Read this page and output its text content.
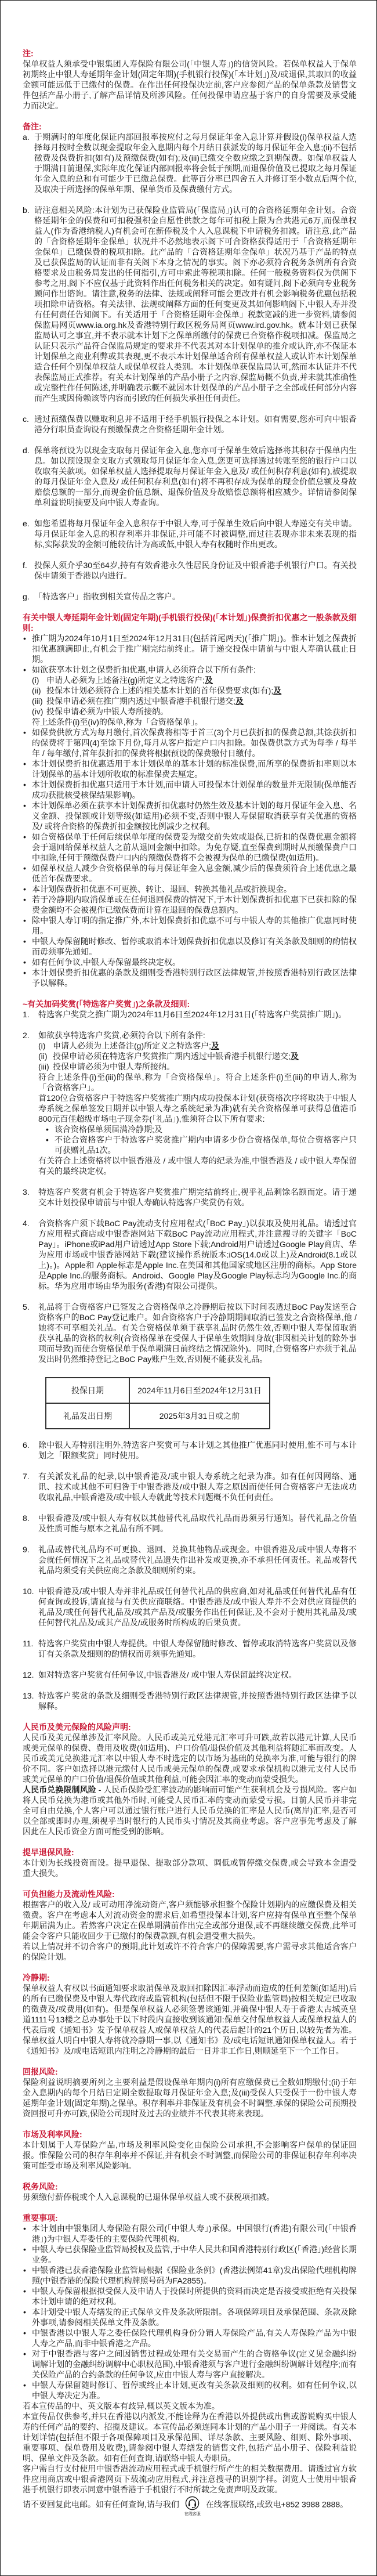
注:

保单权益人须承受中银集团人寿保险有限公司(「中银人寿」)的信贷风险。若保单权益人于保单初期终止中银人寿延期年金计划(固定年期)(手机银行投保)(「本计划」)及/或退保,其取回的收益金额可能远低于已缴付的保费。在作出任何投保决定前,客户应参阅产品的保单条款及销售文件包括产品小册子,了解产品详情及所涉风险。任何投保申请应基于客户的自身需要及承受能力而决定。

备注:
a. 于期满时的年度化保证内部回报率按应付之每月保证年金入息计算并假设(i)保单权益人选择每月按时全数以现金提取年金入息期内每个月结日获派发的每月保证年金入息;(ii)不包括徵费及保费折扣(如有)及预缴保费(如有);及(iii)已缴交全数应缴之到期保费。如保单权益人于期满日前退保,实际年度化保证内部回报率将会低于预期,而退保价值及已提取之每月保证年金入息的总和有可能少于已缴总保费。此等百分率已四舍五入并修订至小数点后两个位,及取决于所选择的保单年期、保单货币及保费缴付方式。
b. 请注意相关风险:本计划为已获保险业监管局(「保监局」)认可的合资格延期年金计划。合资格延期年金的保费和可扣税强积金自愿性供款之每年可扣税上限为合共港元6万,而保单权益人(作为香港纳税人)有机会可在薪俸税及个人入息课税下申请税务扣减。请注意,此产品的「合资格延期年金保单」状况并不必然地表示阁下可合资格获得适用于「合资格延期年金保单」已缴保费的税项扣除。此产品的「合资格延期年金保单」状况乃基于产品的特点及已获保监局的认证而非有关阁下本身之情况的事实。阁下亦必须符合税务条例所有合资格要求及由税务局发出的任何指引,方可申索此等税项扣除。任何一般税务资料仅为供阁下参考之用,阁下不应仅基于此资料作出任何税务相关的决定。如有疑问,阁下必须向专业税务顾问作出谘询。请注意,税务的法律、法规或阐释可能会更改并有机会影响税务优惠包括税项扣除申请资格。有关法律、法规或阐释方面的任何变更及其如何影响阁下,中银人寿并没有任何责任告知阁下。有关适用于「合资格延期年金保单」税款宽减的进一步资料,请参阅保监局网页www.ia.org.hk及香港特别行政区税务局网页www.ird.gov.hk。就本计划已获保监局认可之事宜,并不表示就本计划下之保单所缴付的保费已合资格作税项扣减。保监局之认证只表示产品符合保监局规定的要求并不代表其对本计划保单的推介或认许,亦不保证本计划保单之商业利弊或其表现,更不表示本计划保单适合所有保单权益人或认许本计划保单适合任何个别保单权益人或保单权益人类别。本计划保单获保监局认可,然而本认证并不代表保监局正式推荐。有关本计划保单的产品小册子之内容,保监局概不负责,并未就其准确性或完整性作任何陈述,并明确表示概不就因本计划保单的产品小册子之全部或任何部分内容而产生或因倚赖该等内容而引致的任何损失承担任何责任。
c. 透过预缴保费以赚取利息并不适用于经手机银行投保之本计划。如有需要,您亦可向中银香港分行职员查询设有预缴保费之合资格延期年金计划。
d. 保单将预设为以现金支取每月保证年金入息,您亦可于保单生效后选择将其积存于保单内生息。如以预设现金支取方式领取每月保证年金入息,您更可选择透过转账至您的银行户口以收取有关款项。如保单权益人选择提取每月保证年金入息及/ 或任何积存利息(如有),被提取的每月保证年金入息及/ 或任何积存利息(如有)将不再积存成为保单的现金价值总额及身故赔偿总额的一部分,而现金价值总额、退保价值及身故赔偿总额将相应减少。详情请参阅保单利益说明摘要及向中银人寿查询。
e. 如您希望将每月保证年金入息积存于中银人寿,可于保单生效后向中银人寿递交有关申请。每月保证年金入息的积存利率并非保证,并可能不时被调整,而过往表现亦非未来表现的指标,实际获发的金额可能较估计为高或低,中银人寿有权随时作出更改。
f. 投保人须介乎30至64岁,持有有效香港永久性居民身份证及中银香港手机银行户口。有关投保申请须于香港以内进行。
g. 「特选客户」指收到相关宣传品之客户。
有关中银人寿延期年金计划(固定年期)(手机银行投保)(「本计划」)保费折扣优惠之一般条款及细则:
• 推广期为2024年10月1日至2024年12月31日(包括首尾两天)(「推广期」)。惟本计划之保费折扣优惠额满即止,有机会于推广期完结前终止。请于递交投保申请前与中银人寿确认截止日期。
• 如欲获享本计划之保费折扣优惠,申请人必须符合以下所有条件:
(i) 申请人必须为上述备注(g)所定义之特选客户;及
(ii) 投保本计划必须符合上述的相关基本计划的首年保费要求(如有);及
(iii) 投保申请必须在推广期内透过中银香港手机银行递交;及
(iv) 投保申请必须为中银人寿所接纳。
符上述条件(i)至(iv)的保单,称为「合资格保单」。
• 如保费供款方式为每月缴付,首次保费将相等于首三(3)个月已获折扣的保费总额,其馀获折扣的保费将于第四(4)至馀下月份,每月从客户指定户口内扣除。如保费供款方式为每季 / 每半年 / 每年缴付,首年获折扣的保费将根据预设的保费缴付日缴付。
• 本计划保费折扣优惠适用于本计划保单的基本计划的标准保费,而所享的保费折扣率则以本计划保单的基本计划所收取的标准保费去厘定。
• 本计划保费折扣优惠只适用于本计划,而申请人可投保本计划保单的数量并无限制(保单能否成功获批核受核保结果影响)。
• 本计划保单必须在获享本计划保费折扣优惠时仍然生效及基本计划的每月保证年金入息、名义金额、投保额或计划等级(如适用)必须不变,否则中银人寿保留取消获享有关优惠的资格及/ 或将合资格的保费折扣金额按比例减少之权利。
• 如合资格保单于任何后续保单年度的保费妥为缴交前失效或退保,已折扣的保费优惠金额将会于退回给保单权益人之前从退回金额中扣除。为免存疑,直至保费到期时从预缴保费户口中扣除,任何于预缴保费户口内的预缴保费将不会被视为保单的已缴保费(如适用)。
• 如保单权益人减少合资格保单的每月保证年金入息金额,减少后的保费须符合上述优惠之最低首年保费要求。
• 本计划保费折扣优惠不可更换、转让、退回、转换其他礼品或折换现金。
• 若于冷静期内取消保单或在任何退回保费的情况下,于本计划保费折扣优惠下已获扣除的保费金额均不会被视作已缴保费而计算在退回的保费总额内。
• 除中银人寿订明的指定推广外,本计划保费折扣优惠不可与中银人寿的其他推广优惠同时使用。
• 中银人寿保留随时修改、暂停或取消本计划保费折扣优惠以及修订有关条款及细则的酌情权而毋须事先通知。
• 如有任何争议,中银人寿保留最终决定权。
• 本计划保费折扣优惠的条款及细则受香港特别行政区法律规管,并按照香港特别行政区法律予以解释。
~有关加码奖赏(「特选客户奖赏」)之条款及细则:
1. 特选客户奖赏之推广期为2024年11月6日至2024年12月31日(「特选客户奖赏推广期」)。
2. 如欲获享特选客户奖赏,必须符合以下所有条件:
(i) 申请人必须为上述备注(g)所定义之特选客户;及
(ii) 投保申请必须在特选客户奖赏推广期内透过中银香港手机银行递交;及
(iii) 投保申请必须为中银人寿所接纳。
符合上述条件(i)至(iii)的保单,称为「合资格保单」。符合上述条件(i)至(iii)的申请人,称为「合资格客户」。
首120位合资格客户于特选客户奖赏推广期内成功投保本计划(获资格次序将取决于中银人寿系统之保单签发日期并以中银人寿之系统纪录为准)就有关合资格保单可获得总值港币800元百佳超级市场电子现金券(「礼品」),惟须符合以下所有要求:
• 该合资格保单须届满冷静期;及
• 不论合资格客户于特选客户奖赏推广期内申请多少份合资格保单,每位合资格客户只可获赠礼品1次。
有关符合上述资格将以中银香港及 / 或中银人寿的纪录为准,中银香港及 / 或中银人寿保留有关的最终决定权。
3. 特选客户奖赏有机会于特选客户奖赏推广期完结前终止,视乎礼品剩馀名额而定。请于递交本计划投保申请前与中银人寿确认特选客户奖赏仍有效。
4. 合资格客户须下载BoC Pay流动支付应用程式(「BoC Pay」)以获取及使用礼品。请透过官方应用程式商店或中银香港网站下载BoC Pay流动应用程式,并注意搜寻的关键字「BoC Pay」。iPhone或iPad用户请透过App Store下载;Android用户请透过Google Play商店、华为应用市场或中银香港网站下载(建议操作系统版本:iOS(14.0或以上)及Android(8.1或以上)。)。Apple和 Apple标志是Apple Inc.在美国和其他国家或地区注册的商标。App Store是Apple Inc.的服务商标。Android、Google Play及Google Play标志均为Google Inc.的商标。华为应用市场由华为服务(香港)有限公司提供。
5. 礼品将于合资格客户已签发之合资格保单之冷静期后按以下时间表透过BoC Pay发送至合资格客户的BoC Pay登记账户。如合资格客户于冷静期期间取消已签发之合资格保单,他 / 她将不可享相关礼品。有关合资格保单须于获享礼品时仍然生效,否则中银人寿保留取消获享礼品的资格的权利(合资格保单在受保人于保单生效期间身故(非因相关计划的除外事项而导致)而使合资格保单于保单期满日前终结之情况除外)。同时,合资格客户亦须于礼品发出时仍然维持登记之BoC Pay账户生效,否则便不能获发礼品。
投保日期	2024年11月6日至2024年12月31日
礼品发出日期	2025年3月31日或之前
6. 除中银人寿特别注明外,特选客户奖赏可与本计划之其他推广优惠同时使用,惟不可与本计划之「限额奖赏」同时使用。
7. 有关派发礼品的纪录,以中银香港及/或中银人寿系统之纪录为准。如有任何因网络、通讯、技术或其他不可归咎于中银香港及/或中银人寿之原因而使任何合资格客户无法成功收取礼品,中银香港及/或中银人寿就此等技术问题概不负任何责任。
8. 中银香港及/或中银人寿有权以其他替代礼品取代礼品而毋须另行通知。替代礼品之价值及性质可能与原本之礼品有所不同。
9. 礼品或替代礼品均不可更换、退回、兑换其他物品或现金。中银香港及/或中银人寿将不会就任何情况下之礼品或替代礼品遗失作出补发或更换,亦不承担任何责任。礼品或替代礼品均须受有关供应商之条款及细则所约束。
10. 中银香港及/或中银人寿并非礼品或任何替代礼品的供应商,如对礼品或任何替代礼品有任何查询或投诉,请直接与有关供应商联络。中银香港及/或中银人寿并不会对供应商提供的礼品及/或任何替代礼品及/或其产品及/或服务作出任何保证,及不会对于使用其礼品及/或任何替代礼品及/或其产品及/或服务时所构成的后果负责。
11. 特选客户奖赏由中银人寿提供。中银人寿保留随时修改、暂停或取消特选客户奖赏以及修订有关条款及细则的酌情权而毋须事先通知。
12. 如对特选客户奖赏有任何争议,中银香港及/ 或中银人寿保留最终决定权。
13. 特选客户奖赏的条款及细则受香港特别行政区法律规管,并按照香港特别行政区法律予以解释。
人民币及美元保险的风险声明:

人民币及美元保单涉及汇率风险。人民币或美元兑港元汇率可升可跌,故若以港元计算,人民币或美元保单的保费、费用及收费(如适用)、户口价值/退保价值及其他利益将随汇率而改变。人民币或美元兑换港元汇率以中银人寿不时选定的以市场为基础的兑换率为准,可能与银行的牌价不同。客户如选择以港元缴付人民币或美元保单的保费,或要求承保机构以港元支付人民币或美元保单的户口价值/退保价值或其他利益,可能会因汇率的变动而蒙受损失。

人民币兑换限制风险 - 人民币保险受汇率波动的影响而可能产生获利机会及亏损风险。客户如将人民币兑换为港币或其他外币时,可能受人民币汇率的变动而蒙受亏损。目前人民币并非完全可自由兑换,个人客户可以通过银行账户进行人民币兑换的汇率是人民币(离岸)汇率,是否可以全部或即时办理,须视乎当时银行的人民币头寸情况及其商业考虑。客户应事先考虑及了解因此在人民币资金方面可能受到的影响。

提早退保风险:

本计划为长线投资而设。提早退保、提取部分款项、调低或暂停缴交保费,或会导致本金遭受重大损失。

可负担能力及流动性风险:

根据客户的收入及/ 或可动用净流动资产,客户须能够承担整个保险计划期内的应缴保费及相关徵费。客户在考虑本人对流动资金的需求后,如希望投保本计划,客户应持有保单直至整个保单年期届满为止。若然客户决定在保单期满前作出完全或部分退保,或不再继续缴交保费,此举可能会令客户只能收回少于已缴付的保费款额,有机会遭受重大损失。

若以上情况并不切合客户的预期,此计划或许不符合客户的保障需要,客户需寻求其他适合客户的保险计划。

冷静期:

保单权益人有权以书面通知要求取消保单及取回扣除因汇率浮动而造成的任何差额(如适用)后的所有已缴保费及中银人寿代政府或监管机构(包括但不限于保险业监管局)按相关规定已收取的徵费及/或费用(如有)。但是保单权益人必须签署该通知,并确保中银人寿于香港太古城英皇道1111号13楼之总办事处于以下时段内直接收到该通知:保单交付保单权益人或保单权益人的代表后或《通知书》发予保单权益人或保单权益人的代表后起计的21个历日,以较先者为准。保单权益人明白中银人寿将就冷静期一事,以《通知书》及/或电话短讯通知保单权益人。若于《通知书》及/或电话短讯内注明之冷静期的最后一日并非工作日,则顺延至下一个工作日。

回报风险:

保险利益说明摘要所列之主要利益是假设保单年期内(i)所有应缴保费已全数如期缴付;(ii)于年金入息期内的每个月结日定期全数提取每月保证年金入息;及(iii)受保人只受保于一份中银人寿延期年金计划(固定年期)之保单。积存利率并非保证及有机会不时调整,承保的保险公司预期投资回报可升亦可跌,保险公司现时及过去的业绩并不代表其将来表现。

市场及利率风险:

本计划属于人寿保险产品,市场及利率风险变化由保险公司承担,不会影响客户保单的保证回报。惟保险公司的积存年利率并不保证,并有机会不时调整,而保险公司的非保证积存年利率决策可能受市场及利率风险影响。

税务风险:

毋须缴付薪俸税或个人入息课税的已退休保单权益人或不获税项扣减。

重要事项:
• 本计划由中银集团人寿保险有限公司(「中银人寿」)承保。中国银行(香港)有限公司(「中银香港」)为中银人寿委任的主要保险代理机构。
• 中银人寿已获保险业监管局授权及监管,于中华人民共和国香港特别行政区(「香港」)经营长期业务。
• 中银香港已获香港保险业监管局根据《保险业条例》(香港法例第41章)发出保险代理机构牌照(中银香港的保险代理机构牌照号码为FA2855)。
• 中银人寿保留根据拟受保人及申请人于投保时所提供的资料而决定是否接受或拒绝有关投保本计划申请的绝对权利。
• 本计划受中银人寿缮发的正式保单文件及条款所限制。各项保障项目及承保范围、条款及除外事项,请参阅相关保单文件及条款。
• 中银香港以中银人寿之委任保险代理机构身份分销人寿保险产品,有关人寿保险产品为中银人寿之产品,而非中银香港之产品。
• 对于中银香港与客户之间因销售过程或处理有关交易而产生的合资格争议(定义见金融纠纷调解计划的金融纠纷调解中心职权范围),中银香港须与客户进行金融纠纷调解计划程序;而有关保险产品的合约条款的任何争议,应由中银人寿与客户直接解决。
• 中银人寿保留随时修订、暂停或终止本计划,更改有关条款及细则的权利。如有任何争议,以中银人寿决定为准。

若本宣传品的中、英文版本有歧异,概以英文版本为准。

本宣传品仅供参考,并只在香港以内派发,不能诠释为在香港以外提供或出售或游说购买中银人寿的任何产品的要约、招揽及建议。本宣传品必须连同本计划的产品小册子一并阅读。有关本计划详情(包括但不限于各项保障项目及承保范围、详尽条款、主要风险、细则、除外事项、重要事项、保单费用及收费),请参阅中银人寿缮发的销售文件,包括产品小册子、保险利益说明、保单文件及条款。如有任何查询,请联络中银人寿职员。

客户需自行支付使用中银香港流动应用程式或手机银行所产生的相关数据费用。请透过官方软件应用商店或中银香港网页下载流动应用程式,并注意搜寻的识别字样。浏览人士使用中银香港手机银行即表示同意中银香港于手机银行不时所载之免责声明及政策。

请不要回复此电邮。如有任何查询,请与我们
在线客服
在线客服联络,或致电+852 3988 2888。
